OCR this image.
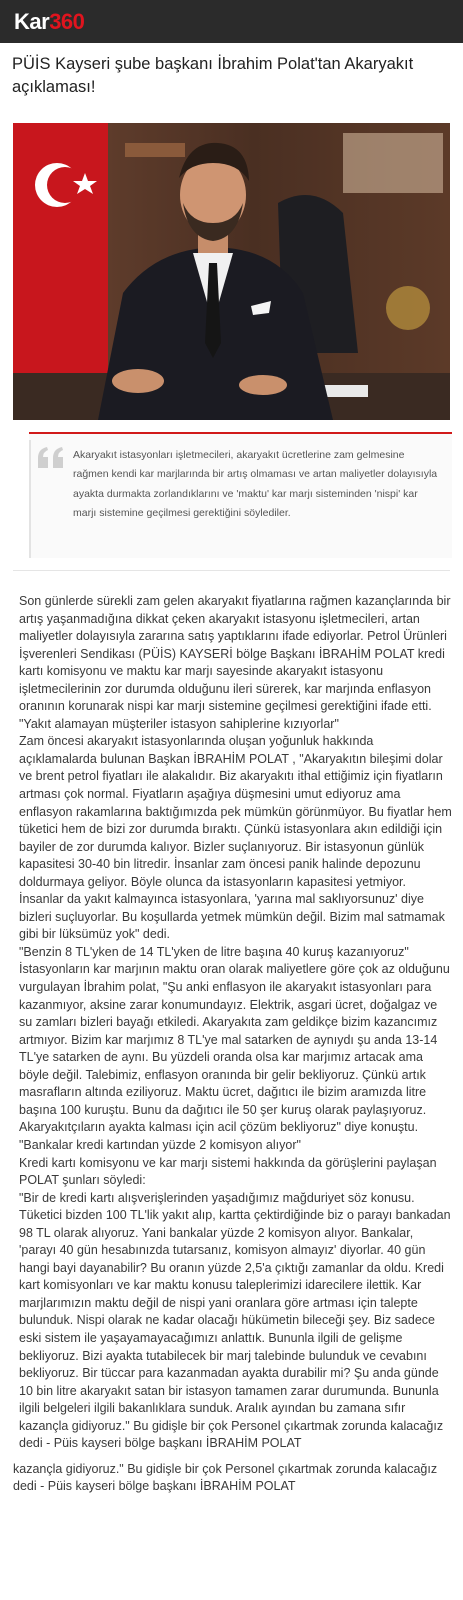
Kar360
PÜİS Kayseri şube başkanı İbrahim Polat'tan Akaryakıt açıklaması!
Akaryakıt istasyonları işletmecileri, akaryakıt ücretlerine zam gelmesine rağmen kendi kar marjlarında bir artış olmaması ve artan maliyetler dolayısıyla ayakta durmakta zorlandıklarını ve 'maktu' kar marjı sisteminden 'nispi' kar marjı sistemine geçilmesi gerektiğini söylediler.

Son günlerde sürekli zam gelen akaryakıt fiyatlarına rağmen kazançlarında bir artış yaşanmadığına dikkat çeken akaryakıt istasyonu işletmecileri, artan maliyetler dolayısıyla zararına satış yaptıklarını ifade ediyorlar. Petrol Ürünleri İşverenleri Sendikası (PÜİS) KAYSERİ bölge Başkanı İBRAHİM POLAT kredi kartı komisyonu ve maktu kar marjı sayesinde akaryakıt istasyonu işletmecilerinin zor durumda olduğunu ileri sürerek, kar marjında enflasyon oranının korunarak nispi kar marjı sistemine geçilmesi gerektiğini ifade etti.

"Yakıt alamayan müşteriler istasyon sahiplerine kızıyorlar"

Zam öncesi akaryakıt istasyonlarında oluşan yoğunluk hakkında açıklamalarda bulunan Başkan İBRAHİM POLAT , "Akaryakıtın bileşimi dolar ve brent petrol fiyatları ile alakalıdır. Biz akaryakıtı ithal ettiğimiz için fiyatların artması çok normal. Fiyatların aşağıya düşmesini umut ediyoruz ama enflasyon rakamlarına baktığımızda pek mümkün görünmüyor. Bu fiyatlar hem tüketici hem de bizi zor durumda bıraktı. Çünkü istasyonlara akın edildiği için bayiler de zor durumda kalıyor. Bizler suçlanıyoruz. Bir istasyonun günlük kapasitesi 30-40 bin litredir. İnsanlar zam öncesi panik halinde depozunu doldurmaya geliyor. Böyle olunca da istasyonların kapasitesi yetmiyor. İnsanlar da yakıt kalmayınca istasyonlara, 'yarına mal saklıyorsunuz' diye bizleri suçluyorlar. Bu koşullarda yetmek mümkün değil. Bizim mal satmamak gibi bir lüksümüz yok" dedi.

"Benzin 8 TL'yken de 14 TL'yken de litre başına 40 kuruş kazanıyoruz"

İstasyonların kar marjının maktu oran olarak maliyetlere göre çok az olduğunu vurgulayan İbrahim polat, "Şu anki enflasyon ile akaryakıt istasyonları para kazanmıyor, aksine zarar konumundayız. Elektrik, asgari ücret, doğalgaz ve su zamları bizleri bayağı etkiledi. Akaryakıta zam geldikçe bizim kazancımız artmıyor. Bizim kar marjımız 8 TL'ye mal satarken de aynıydı şu anda 13-14 TL'ye satarken de aynı. Bu yüzdeli oranda olsa kar marjımız artacak ama böyle değil. Talebimiz, enflasyon oranında bir gelir bekliyoruz. Çünkü artık masrafların altında eziliyoruz. Maktu ücret, dağıtıcı ile bizim aramızda litre başına 100 kuruştu. Bunu da dağıtıcı ile 50 şer kuruş olarak paylaşıyoruz. Akaryakıtçıların ayakta kalması için acil çözüm bekliyoruz" diye konuştu.

"Bankalar kredi kartından yüzde 2 komisyon alıyor"

Kredi kartı komisyonu ve kar marjı sistemi hakkında da görüşlerini paylaşan POLAT şunları söyledi:

"Bir de kredi kartı alışverişlerinden yaşadığımız mağduriyet söz konusu. Tüketici bizden 100 TL'lik yakıt alıp, kartta çektirdiğinde biz o parayı bankadan 98 TL olarak alıyoruz. Yani bankalar yüzde 2 komisyon alıyor. Bankalar, 'parayı 40 gün hesabınızda tutarsanız, komisyon almayız' diyorlar. 40 gün hangi bayi dayanabilir? Bu oranın yüzde 2,5'a çıktığı zamanlar da oldu. Kredi kart komisyonları ve kar maktu konusu taleplerimizi idarecilere ilettik. Kar marjlarımızın maktu değil de nispi yani oranlara göre artması için talepte bulunduk. Nispi olarak ne kadar olacağı hükümetin bileceği şey. Biz sadece eski sistem ile yaşayamayacağımızı anlattık. Bununla ilgili de gelişme bekliyoruz. Bizi ayakta tutabilecek bir marj talebinde bulunduk ve cevabını bekliyoruz. Bir tüccar para kazanmadan ayakta durabilir mi? Şu anda günde 10 bin litre akaryakıt satan bir istasyon tamamen zarar durumunda. Bununla ilgili belgeleri ilgili bakanlıklara sunduk. Aralık ayından bu zamana sıfır kazançla gidiyoruz." Bu gidişle bir çok Personel çıkartmak zorunda kalacağız dedi - Püis kayseri bölge başkanı İBRAHİM POLAT

kazançla gidiyoruz." Bu gidişle bir çok Personel çıkartmak zorunda kalacağız dedi - Püis kayseri bölge başkanı İBRAHİM POLAT
